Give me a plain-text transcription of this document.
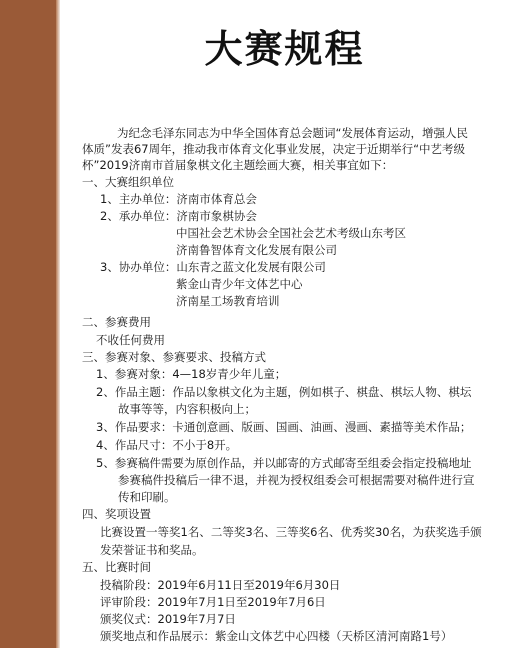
大赛规程
为纪念毛泽东同志为中华全国体育总会题词“发展体育运动，增强人民
体质”发表67周年，推动我市体育文化事业发展，决定于近期举行“中艺考级
杯”2019济南市首届象棋文化主题绘画大赛，相关事宜如下：
一、大赛组织单位
1、主办单位：济南市体育总会
2、承办单位：济南市象棋协会
中国社会艺术协会全国社会艺术考级山东考区
济南鲁智体育文化发展有限公司
3、协办单位：山东青之蓝文化发展有限公司
紫金山青少年文体艺中心
济南星工场教育培训
二、参赛费用
不收任何费用
三、参赛对象、参赛要求、投稿方式
1、参赛对象：4—18岁青少年儿童；
2、作品主题：作品以象棋文化为主题，例如棋子、棋盘、棋坛人物、棋坛
故事等等，内容积极向上；
3、作品要求：卡通创意画、版画、国画、油画、漫画、素描等美术作品；
4、作品尺寸：不小于8开。
5、参赛稿件需要为原创作品，并以邮寄的方式邮寄至组委会指定投稿地址
参赛稿件投稿后一律不退，并视为授权组委会可根据需要对稿件进行宣
传和印刷。
四、奖项设置
比赛设置一等奖1名、二等奖3名、三等奖6名、优秀奖30名，为获奖选手颁
发荣誉证书和奖品。
五、比赛时间
投稿阶段：2019年6月11日至2019年6月30日
评审阶段：2019年7月1日至2019年7月6日
颁奖仪式：2019年7月7日
颁奖地点和作品展示：紫金山文体艺中心四楼（天桥区清河南路1号）
